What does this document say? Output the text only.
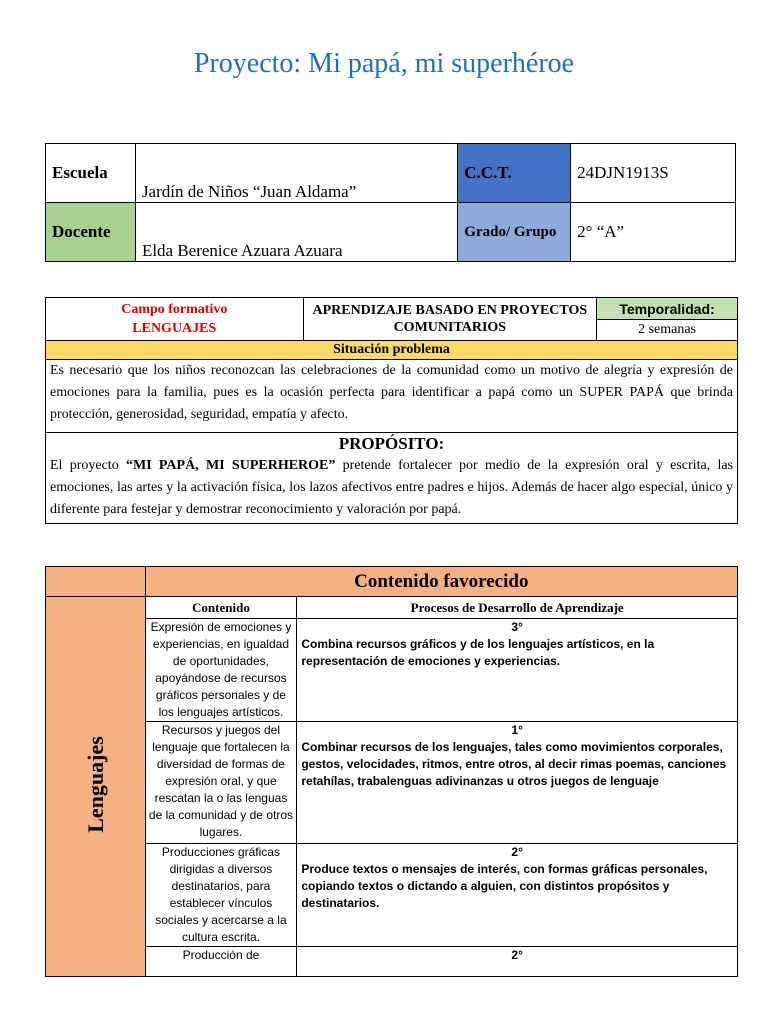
Proyecto: Mi papá, mi superhéroe
Escuela	Jardín de Niños “Juan Aldama”	C.C.T.	24DJN1913S
Docente	Elda Berenice Azuara Azuara	Grado/ Grupo	2° “A”
Campo formativo
LENGUAJES
	APRENDIZAJE BASADO EN PROYECTOS COMUNITARIOS	Temporalidad:
2 semanas
Situación problema
Es necesario que los niños reconozcan las celebraciones de la comunidad como un motivo de alegría y expresión de emociones para la familia, pues es la ocasión perfecta para identificar a papá como un SUPER PAPÁ que brinda protección, generosidad, seguridad, empatía y afecto.

PROPÓSITO:
El proyecto “MI PAPÁ, MI SUPERHEROE” pretende fortalecer por medio de la expresión oral y escrita, las emociones, las artes y la activación física, los lazos afectivos entre padres e hijos. Además de hacer algo especial, único y diferente para festejar y demostrar reconocimiento y valoración por papá.
	Contenido favorecido	
Lenguajes	Contenido	Procesos de Desarrollo de Aprendizaje
	Expresión de emociones y experiencias, en igualdad de oportunidades, apoyándose de recursos gráficos personales y de los lenguajes artísticos.	3°
Combina recursos gráficos y de los lenguajes artísticos, en la representación de emociones y experiencias.
	Recursos y juegos del lenguaje que fortalecen la diversidad de formas de expresión oral, y que rescatan la o las lenguas de la comunidad y de otros lugares.	1°
Combinar recursos de los lenguajes, tales como movimientos corporales, gestos, velocidades, ritmos, entre otros, al decir rimas poemas, canciones retahílas, trabalenguas adivinanzas u otros juegos de lenguaje
	Producciones gráficas dirigidas a diversos destinatarios, para establecer vínculos sociales y acercarse a la cultura escrita.	2°
Produce textos o mensajes de interés, con formas gráficas personales, copiando textos o dictando a alguien, con distintos propósitos y destinatarios.
	Producción de	2°
